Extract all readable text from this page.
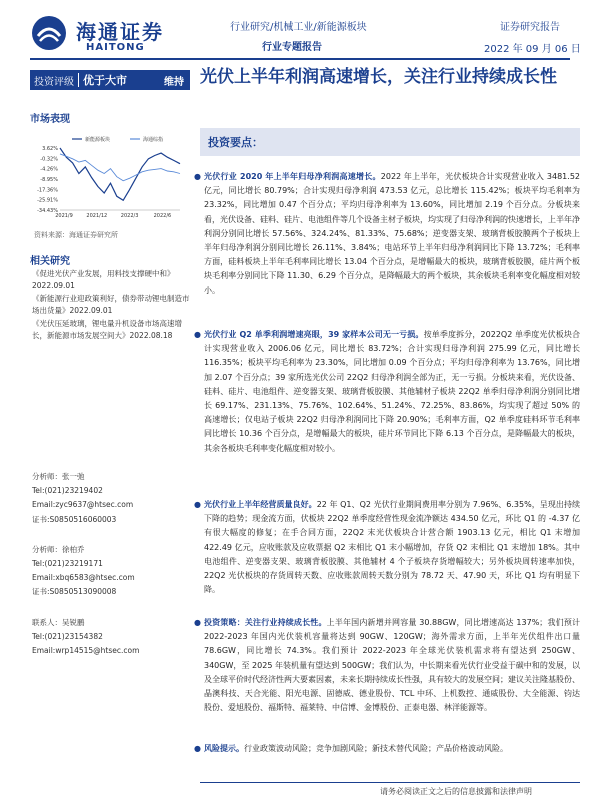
海通证券
HAITONG
行业研究/机械工业/新能源板块
行业专题报告
证券研究报告
2022 年 09 月 06 日
投资评级 优于大市	维持 光伏上半年利润高速增长，关注行业持续成长性
市场表现
3.62%
-0.32%
-4.26%
-8.95%
-17.36%
-25.91%
-34.43%
2021/9	2021/12	2022/3	2022/6
新能源板块	海通综指
资料来源：海通证券研究所
相关研究
《促进光伏产业发展，用料技支撑硬中和》2022.09.01
《新能源行业迎政策利好，债券带动锂电制造市场出货量》2022.09.01
《光伏压延玻璃，锂电量升机设备市场高速增长，新能源市场发展空间大》2022.08.18
分析师：张一弛
Tel:(021)23219402
Email:zyc9637@htsec.com
证书:S0850516060003
分析师：徐柏乔
Tel:(021)23219171
Email:xbq6583@htsec.com
证书:S0850513090008
联系人：吴锐鹏
Tel:(021)23154382
Email:wrp14515@htsec.com
投资要点：
● 光伏行业 2020 年上半年归母净利润高速增长。2022 年上半年，光伏板块合计实现营业收入 3481.52 亿元，同比增长 80.79%；合计实现归母净利润 473.53 亿元，总比增长 115.42%；板块平均毛利率为 23.32%，同比增加 0.47 个百分点；平均归母净利率为 13.60%，同比增加 2.19 个百分点。分板块来看，光伏设备、硅料、硅片、电池组件等几个设备主材子板块，均实现了归母净利润的快速增长，上半年净利润分别同比增长 57.56%、324.24%、81.33%、75.68%；逆变器支架、玻璃背板胶膜两个子板块上半年归母净利润分别同比增长 26.11%、3.84%；电站环节上半年归母净利润同比下降 13.72%；毛利率方面，硅料板块上半年毛利率同比增长 13.04 个百分点，是增幅最大的板块，玻璃背板胶膜，硅片两个板块毛利率分别同比下降 11.30、6.29 个百分点，是降幅最大的两个板块，其余板块毛利率变化幅度相对较小。
● 光伏行业 Q2 单季利润增速亮眼，39 家样本公司无一亏损。按单季度拆分，2022Q2 单季度光伏板块合计实现营业收入 2006.06 亿元，同比增长 83.72%；合计实现归母净利润 275.99 亿元，同比增长 116.35%；板块平均毛利率为 23.30%，同比增加 0.09 个百分点；平均归母净利率为 13.76%，同比增加 2.07 个百分点；39 家所选光伏公司 22Q2 归母净利润全部为正，无一亏损。分板块来看，光伏设备、硅料、硅片、电池组件、逆变器支架、玻璃背板胶膜、其他辅材子板块 22Q2 单季归母净利润分别同比增长 69.17%、231.13%、75.76%、102.64%、51.24%、72.25%、83.86%，均实现了超过 50% 的高速增长；仅电站子板块 22Q2 归母净利润同比下降 20.90%；毛利率方面，Q2 单季度硅料环节毛利率同比增长 10.36 个百分点，是增幅最大的板块，硅片环节同比下降 6.13 个百分点，是降幅最大的板块，其余各板块毛利率变化幅度相对较小。
● 光伏行业上半年经营质量良好。22 年 Q1、Q2 光伏行业期间费用率分别为 7.96%、6.35%，呈现出持续下降的趋势；现金流方面，伏板块 22Q2 单季度经营性现金流净额达 434.50 亿元，环比 Q1 的 -4.37 亿有很大幅度的修复；在手合同方面，22Q2 末光伏板块合计营合额 1903.13 亿元，相比 Q1 末增加 422.49 亿元，应收账款及应收票据 Q2 末相比 Q1 末小幅增加，存货 Q2 末相比 Q1 末增加 18%。其中电池组件、逆变器支架、玻璃背板胶膜、其他辅材 4 个子板块存货增幅较大；另外板块周转速率加快，22Q2 光伏板块的存货周转天数、应收账款周转天数分别为 78.72 天、47.90 天，环比 Q1 均有明显下降。
● 投资策略：关注行业持续成长性。上半年国内新增并网容量 30.88GW，同比增速高达 137%；我们预计 2022-2023 年国内光伏装机容量将达到 90GW、120GW；海外需求方面，上半年光伏组件出口量 78.6GW，同比增长 74.3%。我们预计 2022-2023 年全球光伏装机需求将有望达到 250GW、340GW，至 2025 年装机量有望达到 500GW；我们认为，中长期来看光伏行业受益于碳中和的发展，以及全球平价时代经济性两大要素因素，未来长期持续成长性强，具有较大的发展空间；建议关注隆基股份、晶澳科技、天合光能、阳光电源、固德威、德业股份、TCL 中环、上机数控、通威股份、大全能源、钧达股份、爱旭股份、福斯特、福莱特、中信博、金博股份、正泰电器、林洋能源等。
● 风险提示。行业政策波动风险；竞争加剧风险；新技术替代风险；产品价格波动风险。
请务必阅读正文之后的信息披露和法律声明
